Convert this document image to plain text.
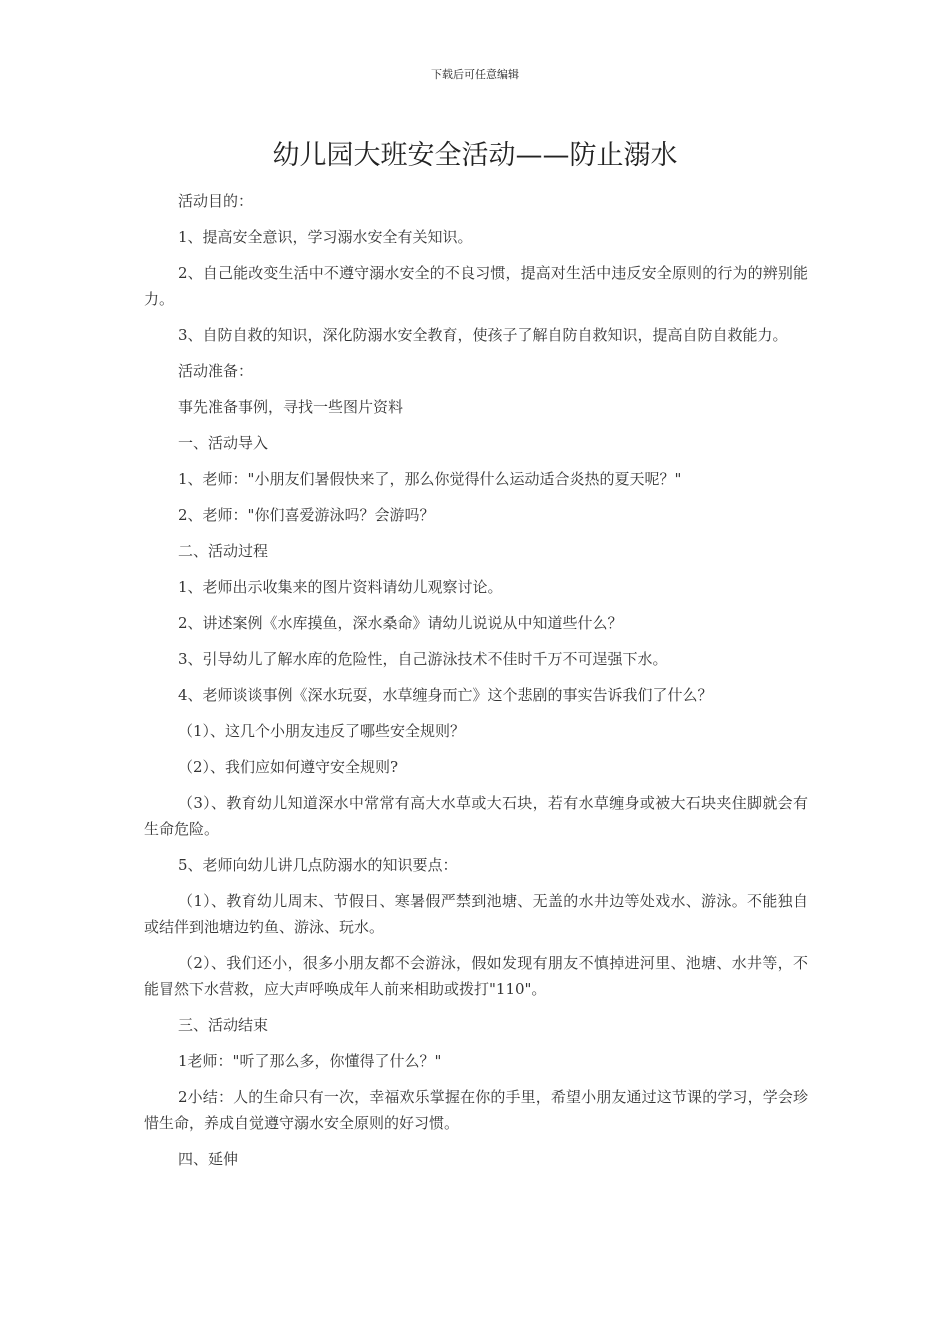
下载后可任意编辑
幼儿园大班安全活动——防止溺水

活动目的：

1、提高安全意识，学习溺水安全有关知识。

2、自己能改变生活中不遵守溺水安全的不良习惯，提高对生活中违反安全原则的行为的辨别能力。

3、自防自救的知识，深化防溺水安全教育，使孩子了解自防自救知识，提高自防自救能力。

活动准备：

事先准备事例，寻找一些图片资料

一、活动导入

1、老师："小朋友们暑假快来了，那么你觉得什么运动适合炎热的夏天呢？"

2、老师："你们喜爱游泳吗？会游吗？

二、活动过程

1、老师出示收集来的图片资料请幼儿观察讨论。

2、讲述案例《水库摸鱼，深水桑命》请幼儿说说从中知道些什么？

3、引导幼儿了解水库的危险性，自己游泳技术不佳时千万不可逞强下水。

4、老师谈谈事例《深水玩耍，水草缠身而亡》这个悲剧的事实告诉我们了什么？

（1）、这几个小朋友违反了哪些安全规则？

（2）、我们应如何遵守安全规则?

（3）、教育幼儿知道深水中常常有高大水草或大石块，若有水草缠身或被大石块夹住脚就会有生命危险。

5、老师向幼儿讲几点防溺水的知识要点：

（1）、教育幼儿周末、节假日、寒暑假严禁到池塘、无盖的水井边等处戏水、游泳。不能独自或结伴到池塘边钓鱼、游泳、玩水。

（2）、我们还小，很多小朋友都不会游泳，假如发现有朋友不慎掉进河里、池塘、水井等，不能冒然下水营救，应大声呼唤成年人前来相助或拨打"110"。

三、活动结束

1老师："听了那么多，你懂得了什么？"

2小结：人的生命只有一次，幸福欢乐掌握在你的手里，希望小朋友通过这节课的学习，学会珍惜生命，养成自觉遵守溺水安全原则的好习惯。

四、延伸
